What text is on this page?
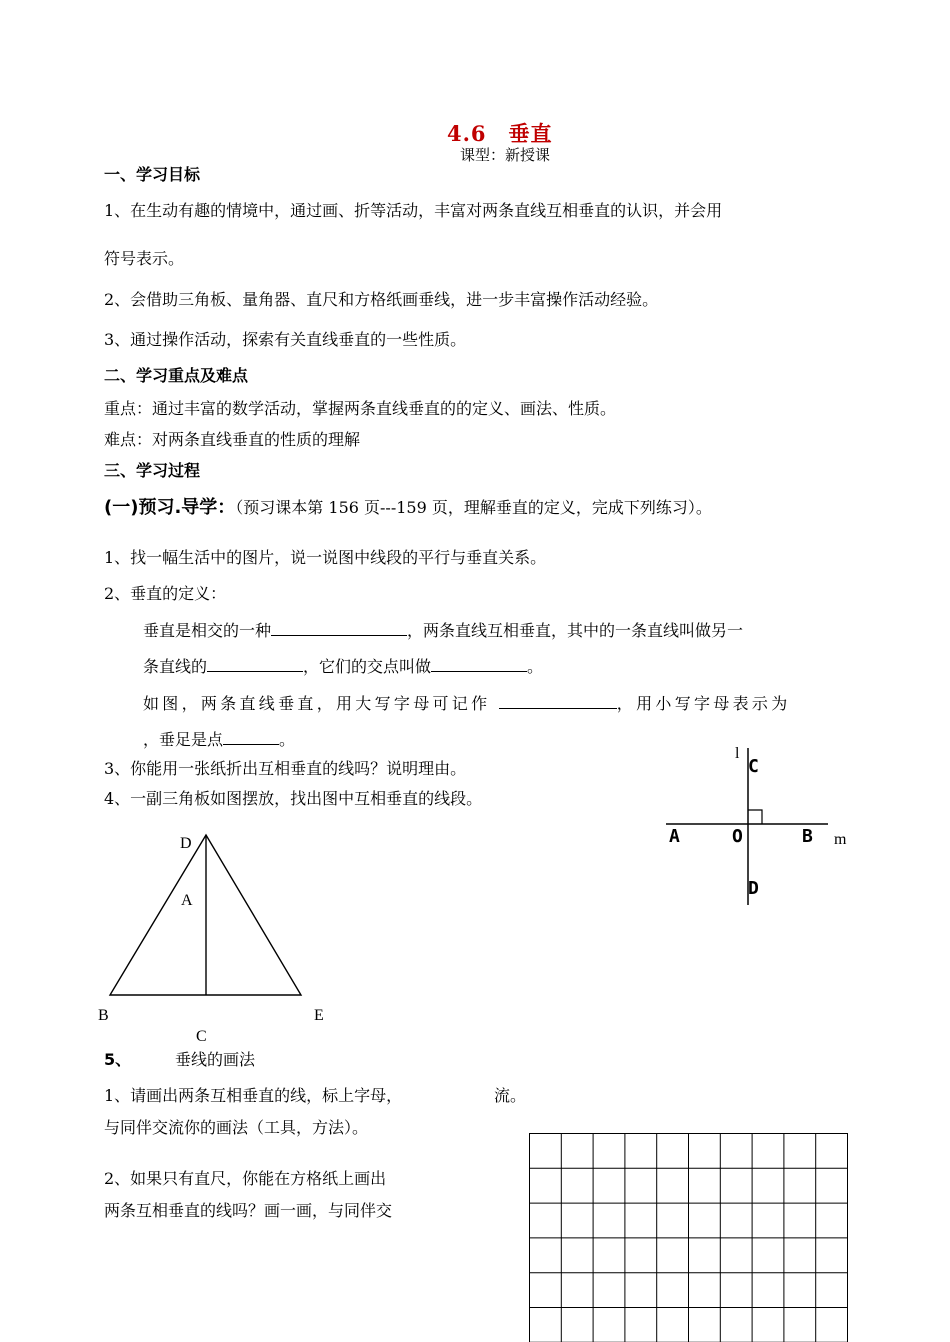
4.6　垂直
课型：新授课
一、学习目标
1、在生动有趣的情境中，通过画、折等活动，丰富对两条直线互相垂直的认识，并会用
符号表示。
2、会借助三角板、量角器、直尺和方格纸画垂线，进一步丰富操作活动经验。
3、通过操作活动，探索有关直线垂直的一些性质。
二、学习重点及难点
重点：通过丰富的数学活动，掌握两条直线垂直的的定义、画法、性质。
难点：对两条直线垂直的性质的理解
三、学习过程
(一)预习.导学：（预习课本第 156 页---159 页，理解垂直的定义，完成下列练习）。
1、找一幅生活中的图片，说一说图中线段的平行与垂直关系。
2、垂直的定义：
垂直是相交的一种	，两条直线互相垂直，其中的一条直线叫做另一
条直线的	，它们的交点叫做	。
如图，两条直线垂直，用大写字母可记作	，用小写字母表示为
，垂足是点	。
3、你能用一张纸折出互相垂直的线吗？说明理由。
4、一副三角板如图摆放，找出图中互相垂直的线段。
l
C
A	O	B m
D
D
A
B	E
C
5、	垂线的画法
1、请画出两条互相垂直的线，标上字母，	流。
与同伴交流你的画法（工具，方法）。
2、如果只有直尺，你能在方格纸上画出
两条互相垂直的线吗？画一画，与同伴交
